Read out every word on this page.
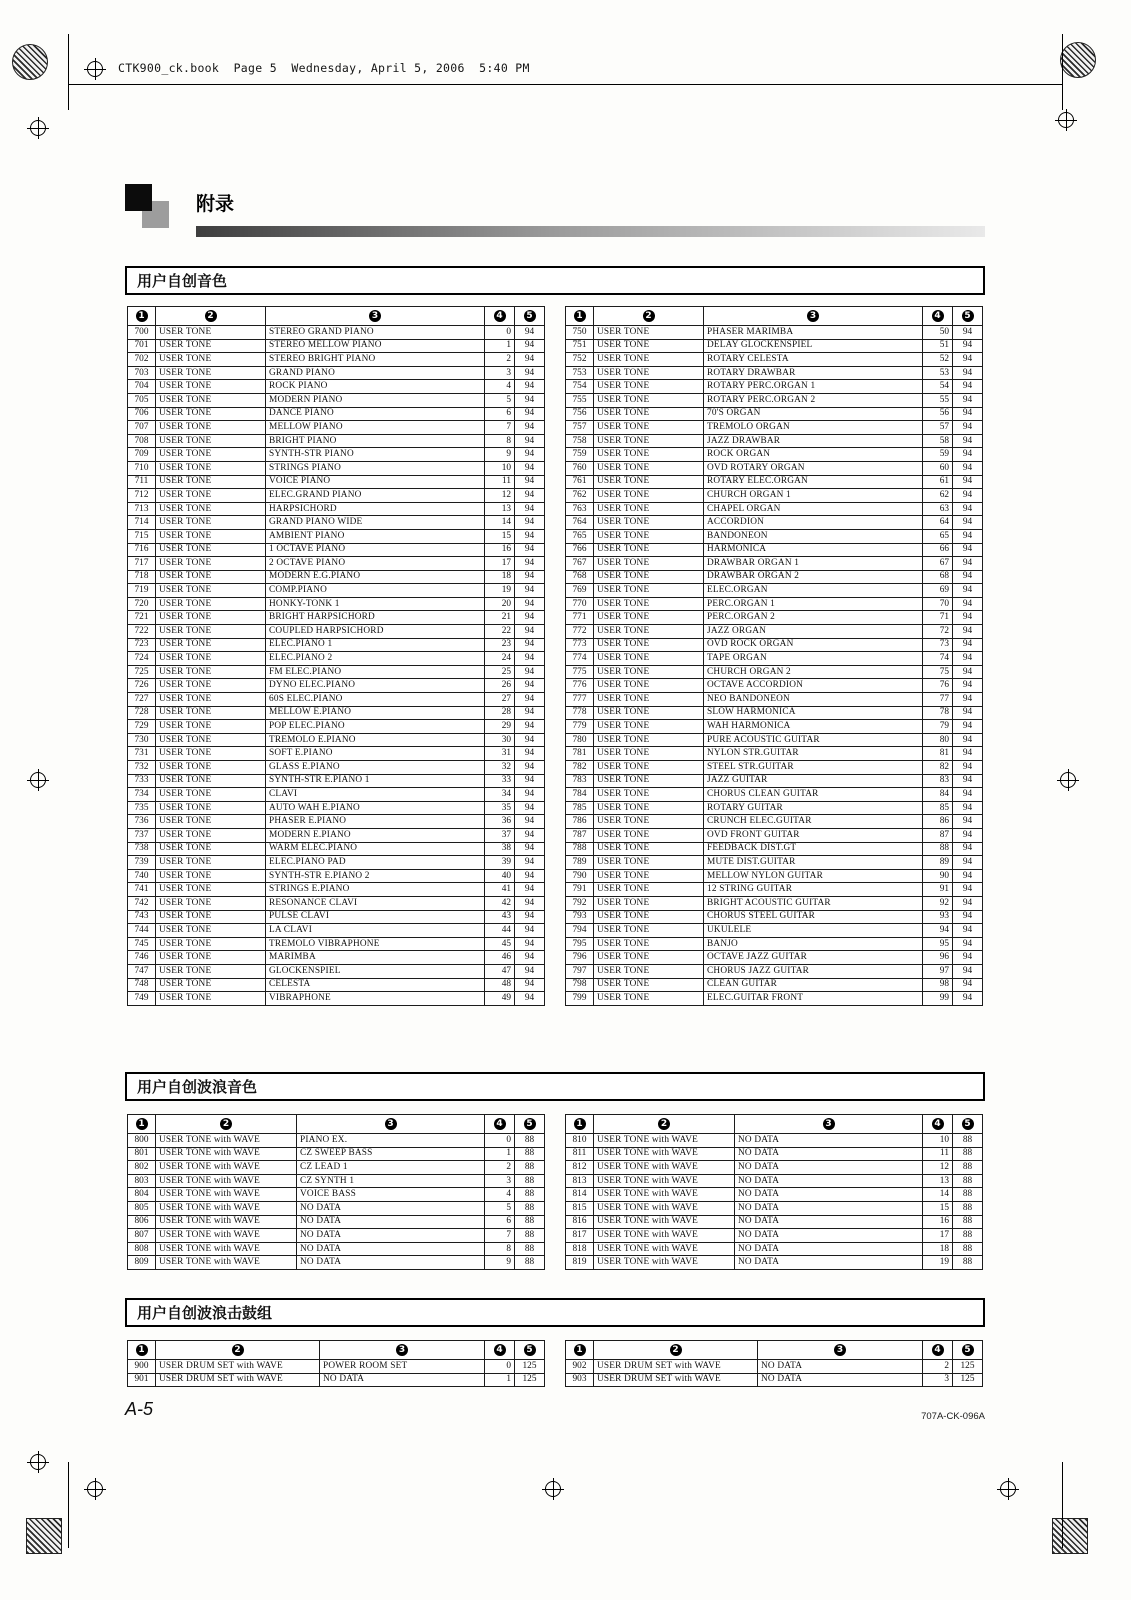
CTK900_ck.book  Page 5  Wednesday, April 5, 2006  5:40 PM
附录
用户自创音色
1	2	3	4	5
700	USER TONE	STEREO GRAND PIANO	0	94
701	USER TONE	STEREO MELLOW PIANO	1	94
702	USER TONE	STEREO BRIGHT PIANO	2	94
703	USER TONE	GRAND PIANO	3	94
704	USER TONE	ROCK PIANO	4	94
705	USER TONE	MODERN PIANO	5	94
706	USER TONE	DANCE PIANO	6	94
707	USER TONE	MELLOW PIANO	7	94
708	USER TONE	BRIGHT PIANO	8	94
709	USER TONE	SYNTH-STR PIANO	9	94
710	USER TONE	STRINGS PIANO	10	94
711	USER TONE	VOICE PIANO	11	94
712	USER TONE	ELEC.GRAND PIANO	12	94
713	USER TONE	HARPSICHORD	13	94
714	USER TONE	GRAND PIANO WIDE	14	94
715	USER TONE	AMBIENT PIANO	15	94
716	USER TONE	1 OCTAVE PIANO	16	94
717	USER TONE	2 OCTAVE PIANO	17	94
718	USER TONE	MODERN E.G.PIANO	18	94
719	USER TONE	COMP.PIANO	19	94
720	USER TONE	HONKY-TONK 1	20	94
721	USER TONE	BRIGHT HARPSICHORD	21	94
722	USER TONE	COUPLED HARPSICHORD	22	94
723	USER TONE	ELEC.PIANO 1	23	94
724	USER TONE	ELEC.PIANO 2	24	94
725	USER TONE	FM ELEC.PIANO	25	94
726	USER TONE	DYNO ELEC.PIANO	26	94
727	USER TONE	60S ELEC.PIANO	27	94
728	USER TONE	MELLOW E.PIANO	28	94
729	USER TONE	POP ELEC.PIANO	29	94
730	USER TONE	TREMOLO E.PIANO	30	94
731	USER TONE	SOFT E.PIANO	31	94
732	USER TONE	GLASS E.PIANO	32	94
733	USER TONE	SYNTH-STR E.PIANO 1	33	94
734	USER TONE	CLAVI	34	94
735	USER TONE	AUTO WAH E.PIANO	35	94
736	USER TONE	PHASER E.PIANO	36	94
737	USER TONE	MODERN E.PIANO	37	94
738	USER TONE	WARM ELEC.PIANO	38	94
739	USER TONE	ELEC.PIANO PAD	39	94
740	USER TONE	SYNTH-STR E.PIANO 2	40	94
741	USER TONE	STRINGS E.PIANO	41	94
742	USER TONE	RESONANCE CLAVI	42	94
743	USER TONE	PULSE CLAVI	43	94
744	USER TONE	LA CLAVI	44	94
745	USER TONE	TREMOLO VIBRAPHONE	45	94
746	USER TONE	MARIMBA	46	94
747	USER TONE	GLOCKENSPIEL	47	94
748	USER TONE	CELESTA	48	94
749	USER TONE	VIBRAPHONE	49	94
1	2	3	4	5
750	USER TONE	PHASER MARIMBA	50	94
751	USER TONE	DELAY GLOCKENSPIEL	51	94
752	USER TONE	ROTARY CELESTA	52	94
753	USER TONE	ROTARY DRAWBAR	53	94
754	USER TONE	ROTARY PERC.ORGAN 1	54	94
755	USER TONE	ROTARY PERC.ORGAN 2	55	94
756	USER TONE	70'S ORGAN	56	94
757	USER TONE	TREMOLO ORGAN	57	94
758	USER TONE	JAZZ DRAWBAR	58	94
759	USER TONE	ROCK ORGAN	59	94
760	USER TONE	OVD ROTARY ORGAN	60	94
761	USER TONE	ROTARY ELEC.ORGAN	61	94
762	USER TONE	CHURCH ORGAN 1	62	94
763	USER TONE	CHAPEL ORGAN	63	94
764	USER TONE	ACCORDION	64	94
765	USER TONE	BANDONEON	65	94
766	USER TONE	HARMONICA	66	94
767	USER TONE	DRAWBAR ORGAN 1	67	94
768	USER TONE	DRAWBAR ORGAN 2	68	94
769	USER TONE	ELEC.ORGAN	69	94
770	USER TONE	PERC.ORGAN 1	70	94
771	USER TONE	PERC.ORGAN 2	71	94
772	USER TONE	JAZZ ORGAN	72	94
773	USER TONE	OVD ROCK ORGAN	73	94
774	USER TONE	TAPE ORGAN	74	94
775	USER TONE	CHURCH ORGAN 2	75	94
776	USER TONE	OCTAVE ACCORDION	76	94
777	USER TONE	NEO BANDONEON	77	94
778	USER TONE	SLOW HARMONICA	78	94
779	USER TONE	WAH HARMONICA	79	94
780	USER TONE	PURE ACOUSTIC GUITAR	80	94
781	USER TONE	NYLON STR.GUITAR	81	94
782	USER TONE	STEEL STR.GUITAR	82	94
783	USER TONE	JAZZ GUITAR	83	94
784	USER TONE	CHORUS CLEAN GUITAR	84	94
785	USER TONE	ROTARY GUITAR	85	94
786	USER TONE	CRUNCH ELEC.GUITAR	86	94
787	USER TONE	OVD FRONT GUITAR	87	94
788	USER TONE	FEEDBACK DIST.GT	88	94
789	USER TONE	MUTE DIST.GUITAR	89	94
790	USER TONE	MELLOW NYLON GUITAR	90	94
791	USER TONE	12 STRING GUITAR	91	94
792	USER TONE	BRIGHT ACOUSTIC GUITAR	92	94
793	USER TONE	CHORUS STEEL GUITAR	93	94
794	USER TONE	UKULELE	94	94
795	USER TONE	BANJO	95	94
796	USER TONE	OCTAVE JAZZ GUITAR	96	94
797	USER TONE	CHORUS JAZZ GUITAR	97	94
798	USER TONE	CLEAN GUITAR	98	94
799	USER TONE	ELEC.GUITAR FRONT	99	94
用户自创波浪音色
1	2	3	4	5
800	USER TONE with WAVE	PIANO EX.	0	88
801	USER TONE with WAVE	CZ SWEEP BASS	1	88
802	USER TONE with WAVE	CZ LEAD 1	2	88
803	USER TONE with WAVE	CZ SYNTH 1	3	88
804	USER TONE with WAVE	VOICE BASS	4	88
805	USER TONE with WAVE	NO DATA	5	88
806	USER TONE with WAVE	NO DATA	6	88
807	USER TONE with WAVE	NO DATA	7	88
808	USER TONE with WAVE	NO DATA	8	88
809	USER TONE with WAVE	NO DATA	9	88
1	2	3	4	5
810	USER TONE with WAVE	NO DATA	10	88
811	USER TONE with WAVE	NO DATA	11	88
812	USER TONE with WAVE	NO DATA	12	88
813	USER TONE with WAVE	NO DATA	13	88
814	USER TONE with WAVE	NO DATA	14	88
815	USER TONE with WAVE	NO DATA	15	88
816	USER TONE with WAVE	NO DATA	16	88
817	USER TONE with WAVE	NO DATA	17	88
818	USER TONE with WAVE	NO DATA	18	88
819	USER TONE with WAVE	NO DATA	19	88
用户自创波浪击鼓组
1	2	3	4	5
900	USER DRUM SET with WAVE	POWER ROOM SET	0	125
901	USER DRUM SET with WAVE	NO DATA	1	125
1	2	3	4	5
902	USER DRUM SET with WAVE	NO DATA	2	125
903	USER DRUM SET with WAVE	NO DATA	3	125
A-5	707A-CK-096A
